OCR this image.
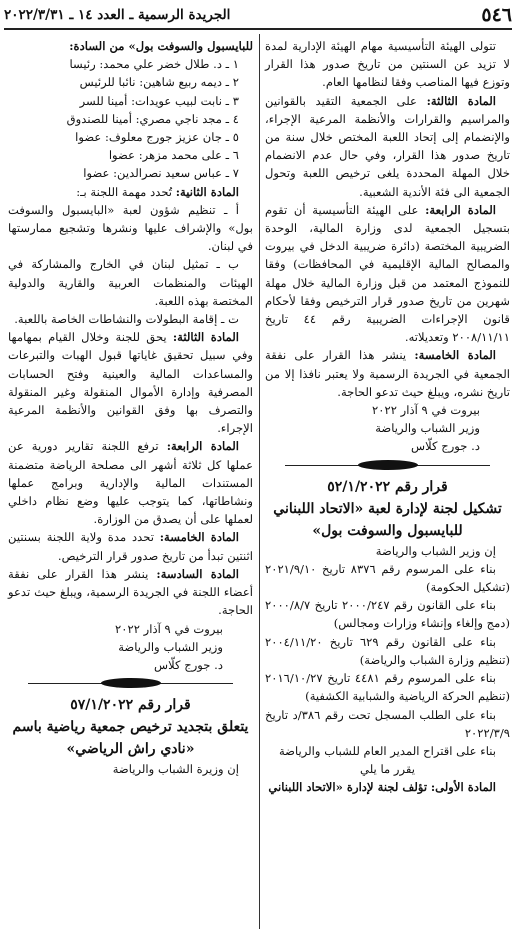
٥٤٦
الجريدة الرسمية ـ العدد ١٤ ـ ٢٠٢٢/٣/٣١

تتولى الهيئة التأسيسية مهام الهيئة الإدارية لمدة لا تزيد عن السنتين من تاريخ صدور هذا القرار وتوزع فيها المناصب وفقا لنظامها العام.

المادة الثالثة: على الجمعية التقيد بالقوانين والمراسيم والقرارات والأنظمة المرعية الإجراء، والإنضمام إلى إتحاد اللعبة المختص خلال سنة من تاريخ صدور هذا القرار، وفي حال عدم الانضمام خلال المهلة المحددة يلغى ترخيص اللعبة وتحول الجمعية الى فئة الأندية الشعبية.

المادة الرابعة: على الهيئة التأسيسية أن تقوم بتسجيل الجمعية لدى وزارة المالية، الوحدة الضريبية المختصة (دائرة ضريبية الدخل في بيروت والمصالح المالية الإقليمية في المحافظات) وفقا للنموذج المعتمد من قبل وزارة المالية خلال مهلة شهرين من تاريخ صدور قرار الترخيص وفقا لأحكام قانون الإجراءات الضريبية رقم ٤٤ تاريخ ٢٠٠٨/١١/١١ وتعديلاته.

المادة الخامسة: ينشر هذا القرار على نفقة الجمعية في الجريدة الرسمية ولا يعتبر نافذا إلا من تاريخ نشره، ويبلغ حيث تدعو الحاجة.

بيروت في ٩ آذار ٢٠٢٢

وزير الشباب والرياضة

د. جورج كلّاس

قرار رقم ٥٢/١/٢٠٢٢

تشكيل لجنة لإدارة لعبة «الاتحاد اللبناني للبايسبول والسوفت بول»

إن وزير الشباب والرياضة

بناء على المرسوم رقم ٨٣٧٦ تاريخ ٢٠٢١/٩/١٠ (تشكيل الحكومة)

بناء على القانون رقم ٢٠٠٠/٢٤٧ تاريخ ٢٠٠٠/٨/٧ (دمج وإلغاء وإنشاء وزارات ومجالس)

بناء على القانون رقم ٦٢٩ تاريخ ٢٠٠٤/١١/٢٠ (تنظيم وزارة الشباب والرياضة)

بناء على المرسوم رقم ٤٤٨١ تاريخ ٢٠١٦/١٠/٢٧ (تنظيم الحركة الرياضية والشبابية الكشفية)

بناء على الطلب المسجل تحت رقم ٣٨٦/د تاريخ ٢٠٢٢/٣/٩

بناء على اقتراح المدير العام للشباب والرياضة

يقرر ما يلي

المادة الأولى: تؤلف لجنة لإدارة «الاتحاد اللبناني

للبايسبول والسوفت بول» من السادة:

١ ـ د. طلال خضر علي محمد: رئيسا

٢ ـ ديمه ربيع شاهين: نائبا للرئيس

٣ ـ نابت لبيب عويدات: أمينا للسر

٤ ـ مجد ناجي مصري: أمينا للصندوق

٥ ـ جان عزيز جورج معلوف: عضوا

٦ ـ على محمد مزهر: عضوا

٧ ـ عباس سعيد نصرالدين: عضوا

المادة الثانية: تُحدد مهمة اللجنة بـ:

أ ـ تنظيم شؤون لعبة «البايسبول والسوفت بول» والإشراف عليها ونشرها وتشجيع ممارستها في لبنان.

ب ـ تمثيل لبنان في الخارج والمشاركة في الهيئات والمنظمات العربية والقارية والدولية المختصة بهذه اللعبة.

ت ـ إقامة البطولات والنشاطات الخاصة باللعبة.

المادة الثالثة: يحق للجنة وخلال القيام بمهامها وفي سبيل تحقيق غاياتها قبول الهبات والتبرعات والمساعدات المالية والعينية وفتح الحسابات المصرفية وإدارة الأموال المنقولة وغير المنقولة والتصرف بها وفق القوانين والأنظمة المرعية الإجراء.

المادة الرابعة: ترفع اللجنة تقارير دورية عن عملها كل ثلاثة أشهر الى مصلحة الرياضة متضمنة المستندات المالية والإدارية وبرامج عملها ونشاطاتها، كما يتوجب عليها وضع نظام داخلي لعملها على أن يصدق من الوزارة.

المادة الخامسة: تحدد مدة ولاية اللجنة بسنتين اثنتين تبدأ من تاريخ صدور قرار الترخيص.

المادة السادسة: ينشر هذا القرار على نفقة أعضاء اللجنة في الجريدة الرسمية، ويبلغ حيث تدعو الحاجة.

بيروت في ٩ آذار ٢٠٢٢

وزير الشباب والرياضة

د. جورج كلّاس

قرار رقم ٥٧/١/٢٠٢٢

يتعلق بتجديد ترخيص جمعية رياضية باسم «نادي راش الرياضي»

إن وزيرة الشباب والرياضة
